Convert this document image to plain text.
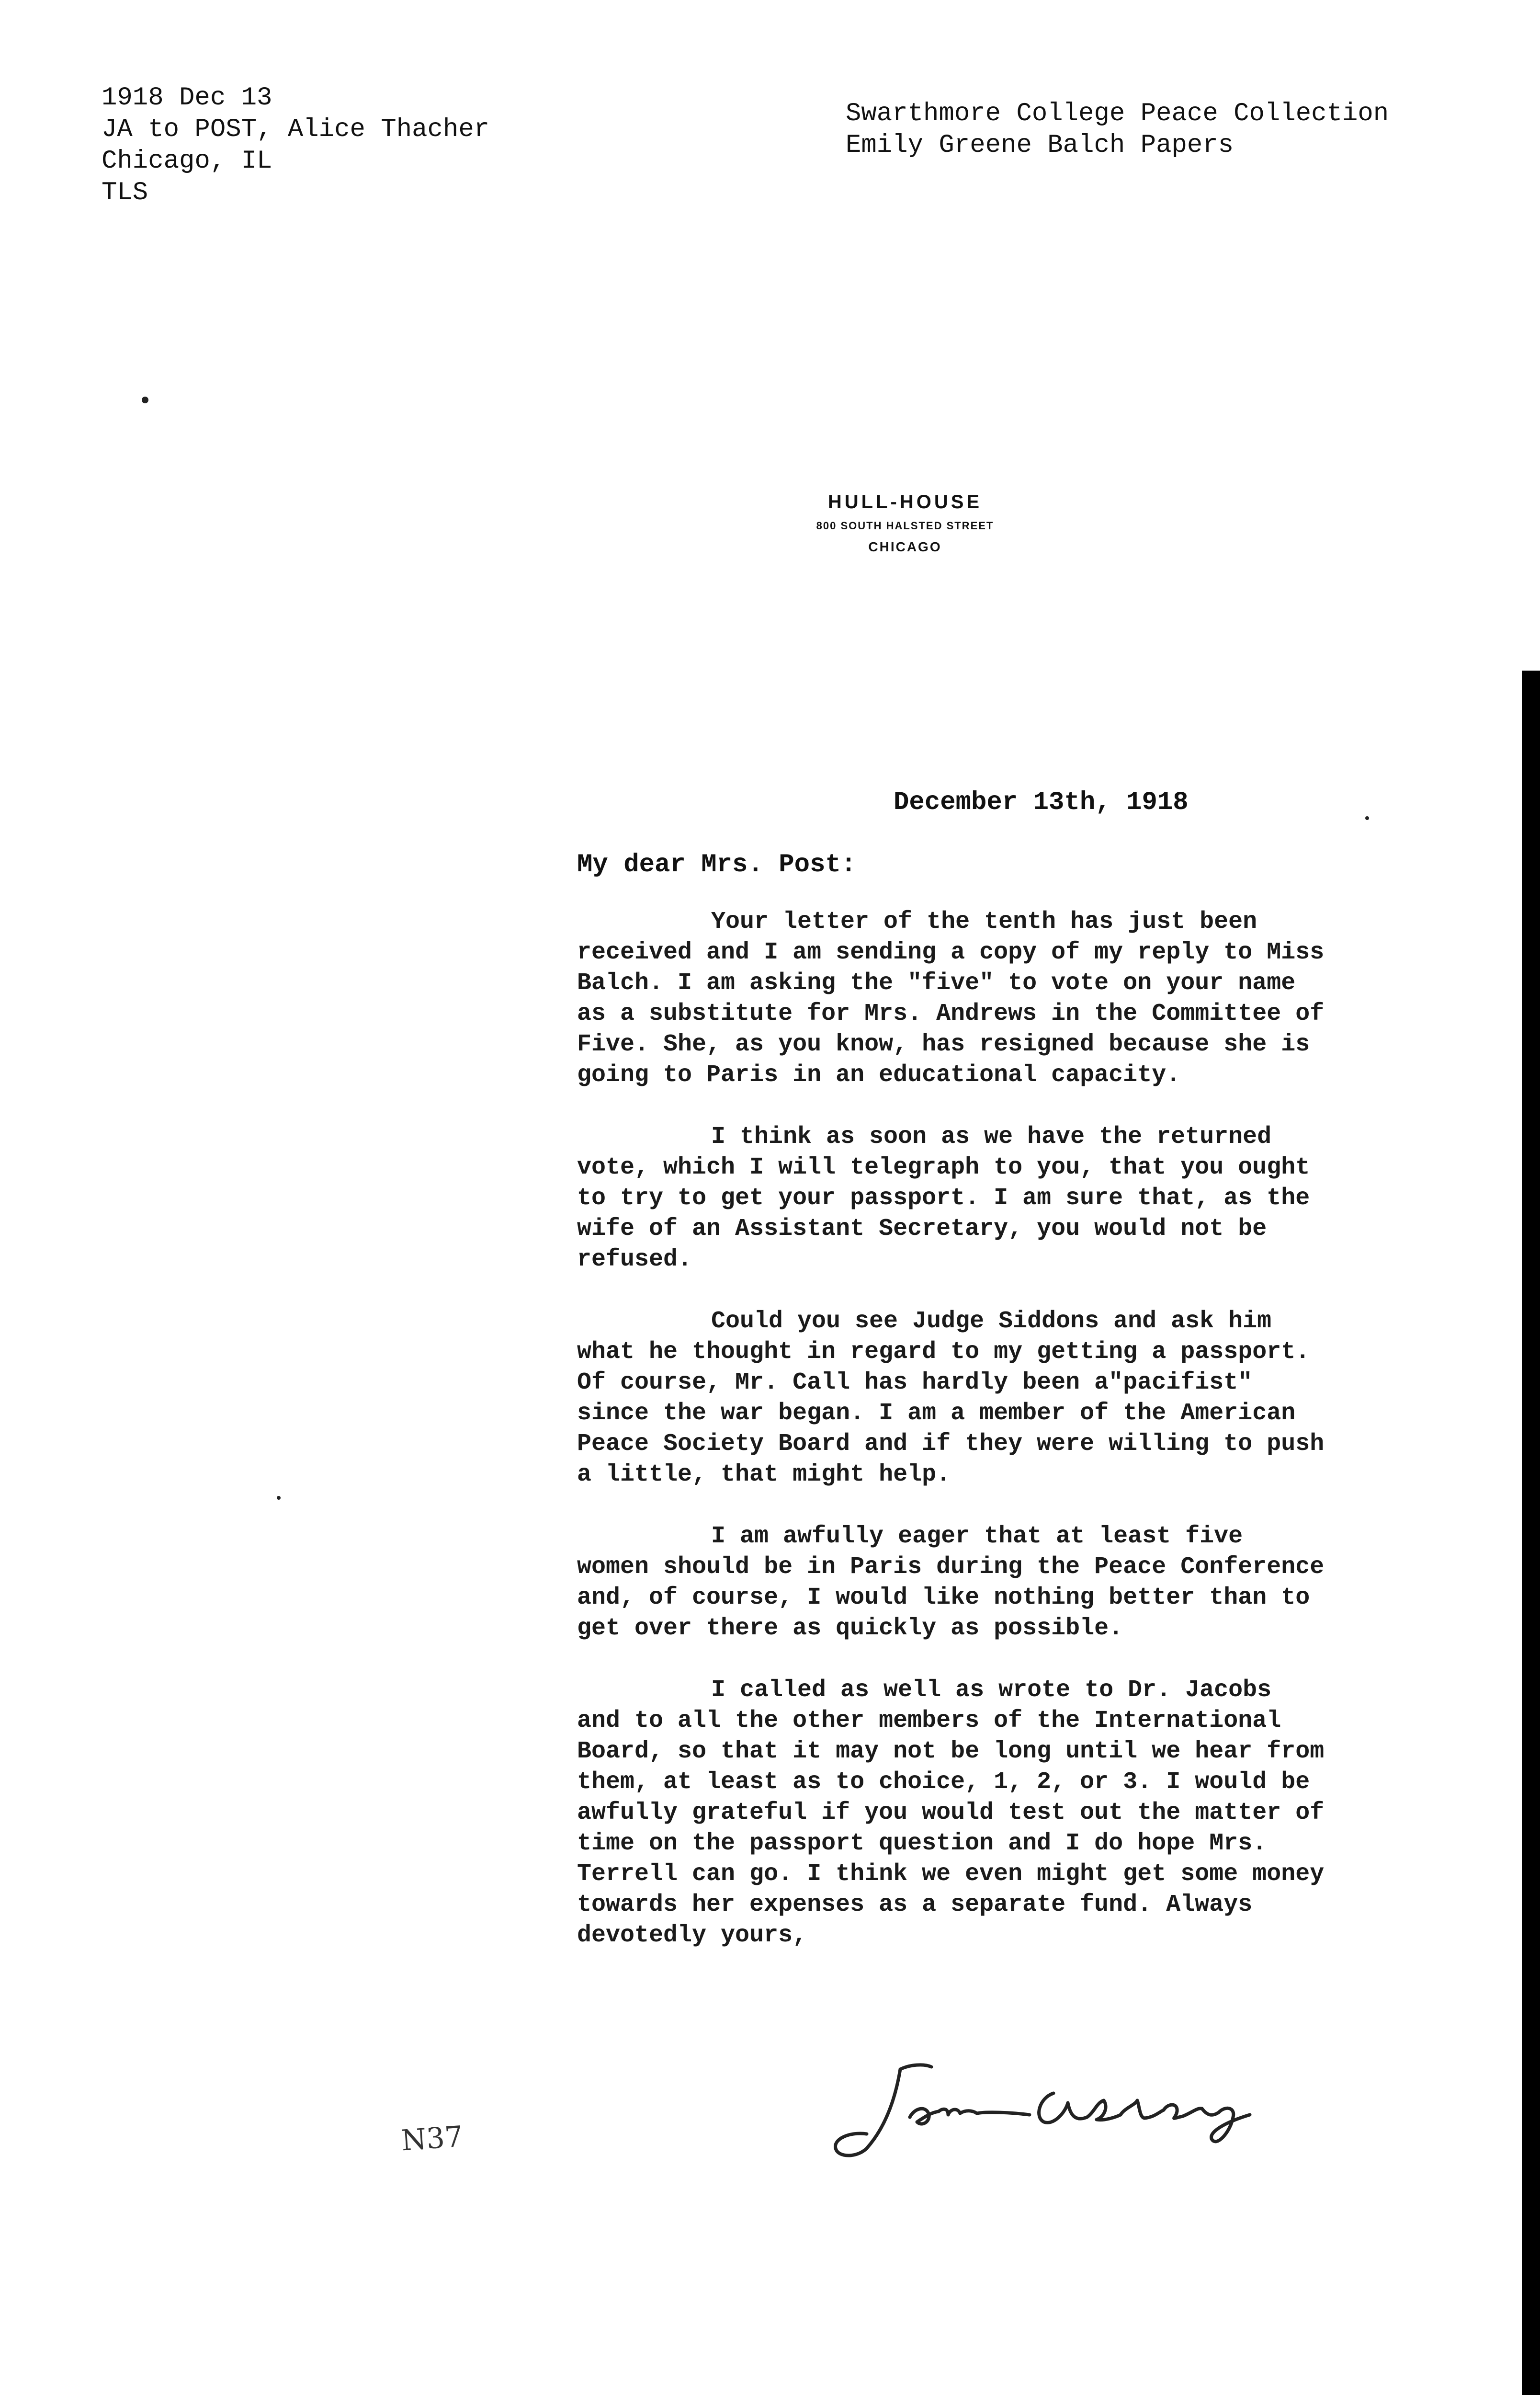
1918 Dec 13
JA to POST, Alice Thacher
Chicago, IL
TLS
Swarthmore College Peace Collection
Emily Greene Balch Papers
HULL-HOUSE
800 SOUTH HALSTED STREET
CHICAGO
December 13th, 1918
My dear Mrs. Post:

Your letter of the tenth has just been received and I am sending a copy of my reply to Miss Balch. I am asking the "five" to vote on your name as a substitute for Mrs. Andrews in the Committee of Five. She, as you know, has resigned because she is going to Paris in an educational capacity.

I think as soon as we have the returned vote, which I will telegraph to you, that you ought to try to get your passport. I am sure that, as the wife of an Assistant Secretary, you would not be refused.

Could you see Judge Siddons and ask him what he thought in regard to my getting a passport. Of course, Mr. Call has hardly been a"pacifist" since the war began. I am a member of the American Peace Society Board and if they were willing to push a little, that might help.

I am awfully eager that at least five women should be in Paris during the Peace Conference and, of course, I would like nothing better than to get over there as quickly as possible.

I called as well as wrote to Dr. Jacobs and to all the other members of the International Board, so that it may not be long until we hear from them, at least as to choice, 1, 2, or 3. I would be awfully grateful if you would test out the matter of time on the passport question and I do hope Mrs. Terrell can go. I think we even might get some money towards her expenses as a separate fund. Always devotedly yours,

N37
